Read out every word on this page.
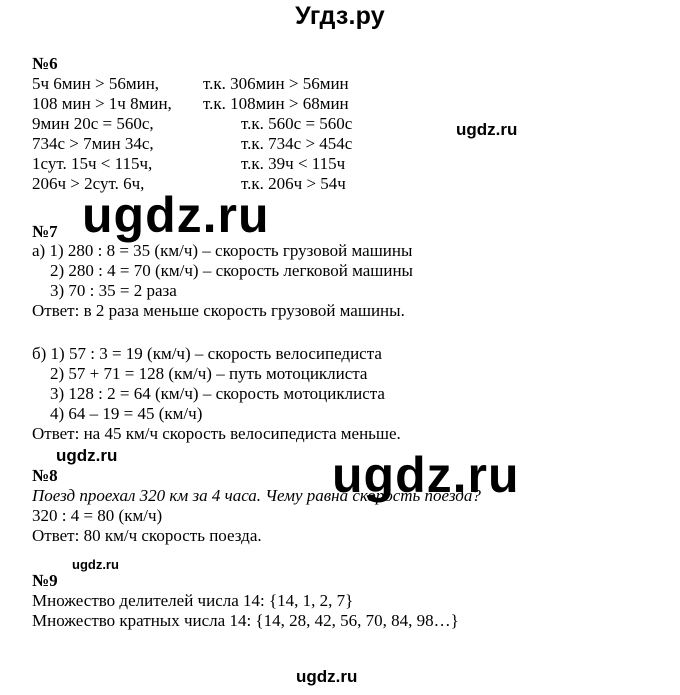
Угдз.ру
№6
5ч 6мин > 56мин,	т.к. 306мин > 56мин
108 мин > 1ч 8мин, т.к. 108мин > 68мин
9мин 20с = 560с,	т.к. 560с = 560с
734с > 7мин 34с,	т.к. 734с > 454с
1сут. 15ч < 115ч,	т.к. 39ч < 115ч
206ч > 2сут. 6ч,	т.к. 206ч > 54ч
№7
а) 1) 280 : 8 = 35 (км/ч) – скорость грузовой машины
2) 280 : 4 = 70 (км/ч) – скорость легковой машины
3) 70 : 35 = 2 раза
Ответ: в 2 раза меньше скорость грузовой машины.
б) 1) 57 : 3 = 19 (км/ч) – скорость велосипедиста
2) 57 + 71 = 128 (км/ч) – путь мотоциклиста
3) 128 : 2 = 64 (км/ч) – скорость мотоциклиста
4) 64 – 19 = 45 (км/ч)
Ответ: на 45 км/ч скорость велосипедиста меньше.
№8
Поезд проехал 320 км за 4 часа. Чему равна скорость поезда?
320 : 4 = 80 (км/ч)
Ответ: 80 км/ч скорость поезда.
№9
Множество делителей числа 14: {14, 1, 2, 7}
Множество кратных числа 14: {14, 28, 42, 56, 70, 84, 98…}
ugdz.ru
ugdz.ru
ugdz.ru	ugdz.ru
ugdz.ru
ugdz.ru
